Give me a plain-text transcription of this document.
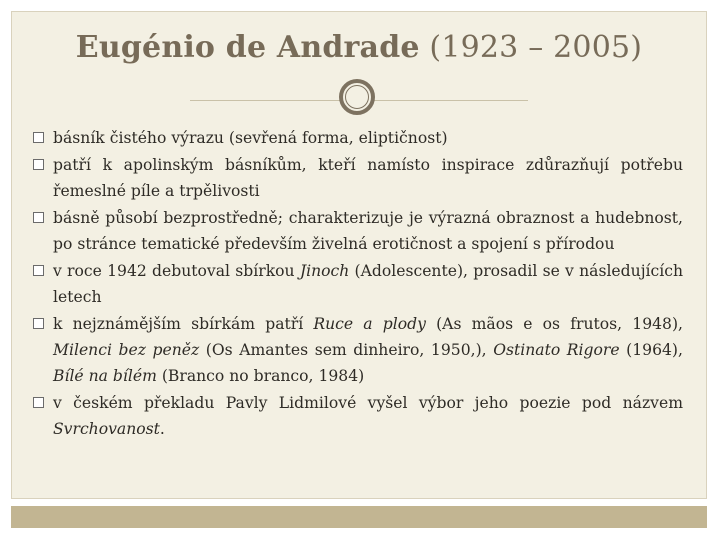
Eugénio de Andrade (1923 – 2005)
básník čistého výrazu (sevřená forma, eliptičnost)
patří k apolinským básníkům, kteří namísto inspirace zdůrazňují potřebu řemeslné píle a trpělivosti
básně působí bezprostředně; charakterizuje je výrazná obraznost a hudebnost, po stránce tematické především živelná erotičnost a spojení s přírodou
v roce 1942 debutoval sbírkou Jinoch (Adolescente), prosadil se v následujících letech
k nejznámějším sbírkám patří Ruce a plody (As mãos e os frutos, 1948), Milenci bez peněz (Os Amantes sem dinheiro, 1950,), Ostinato Rigore (1964), Bílé na bílém (Branco no branco, 1984)
v českém překladu Pavly Lidmilové vyšel výbor jeho poezie pod názvem Svrchovanost.
